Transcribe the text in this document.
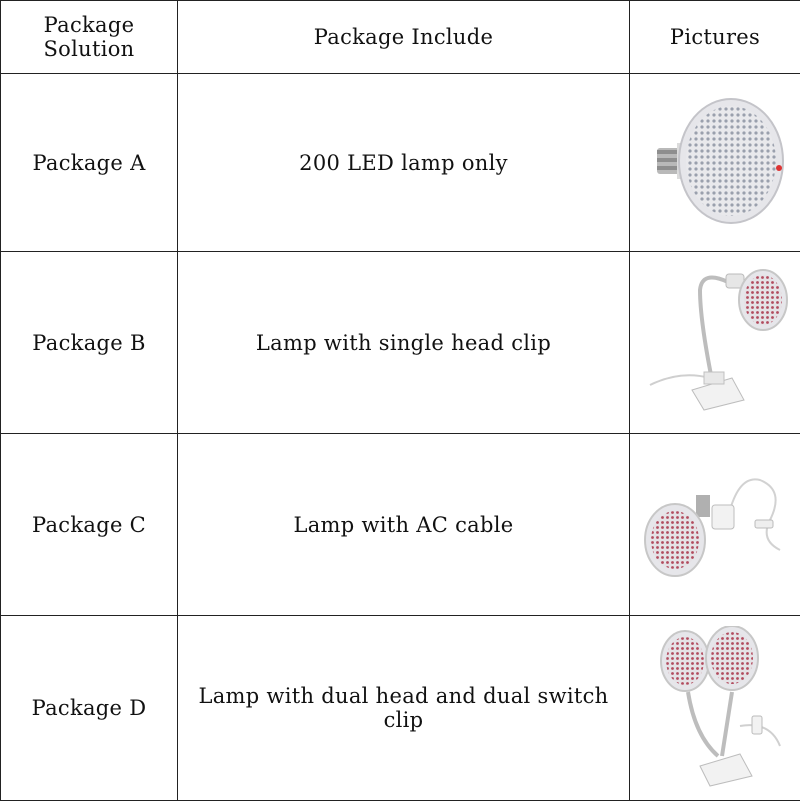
Package Solution	Package Include	Pictures
Package A	200 LED lamp only	

Package B	Lamp with single head clip	

Package C	Lamp with AC cable	

Package D	Lamp with dual head and dual switch clip	
